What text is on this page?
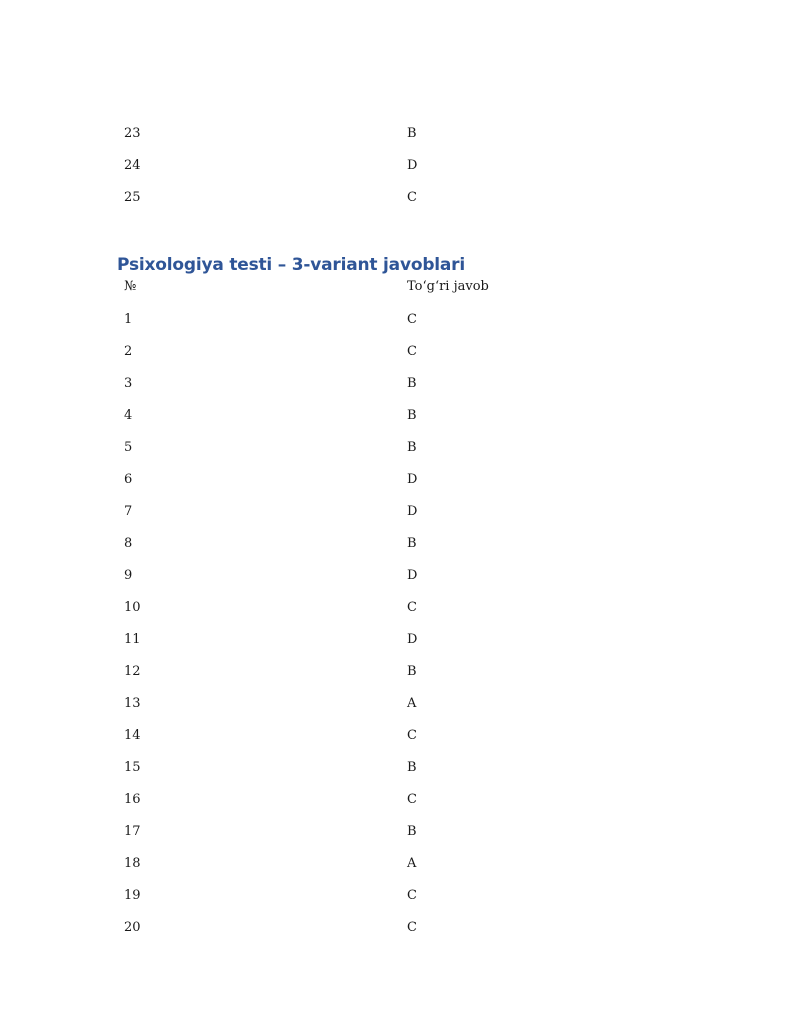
23	B
24	D
25	C
Psixologiya testi – 3-variant javoblari
№	To‘g‘ri javob
1	C
2	C
3	B
4	B
5	B
6	D
7	D
8	B
9	D
10	C
11	D
12	B
13	A
14	C
15	B
16	C
17	B
18	A
19	C
20	C
